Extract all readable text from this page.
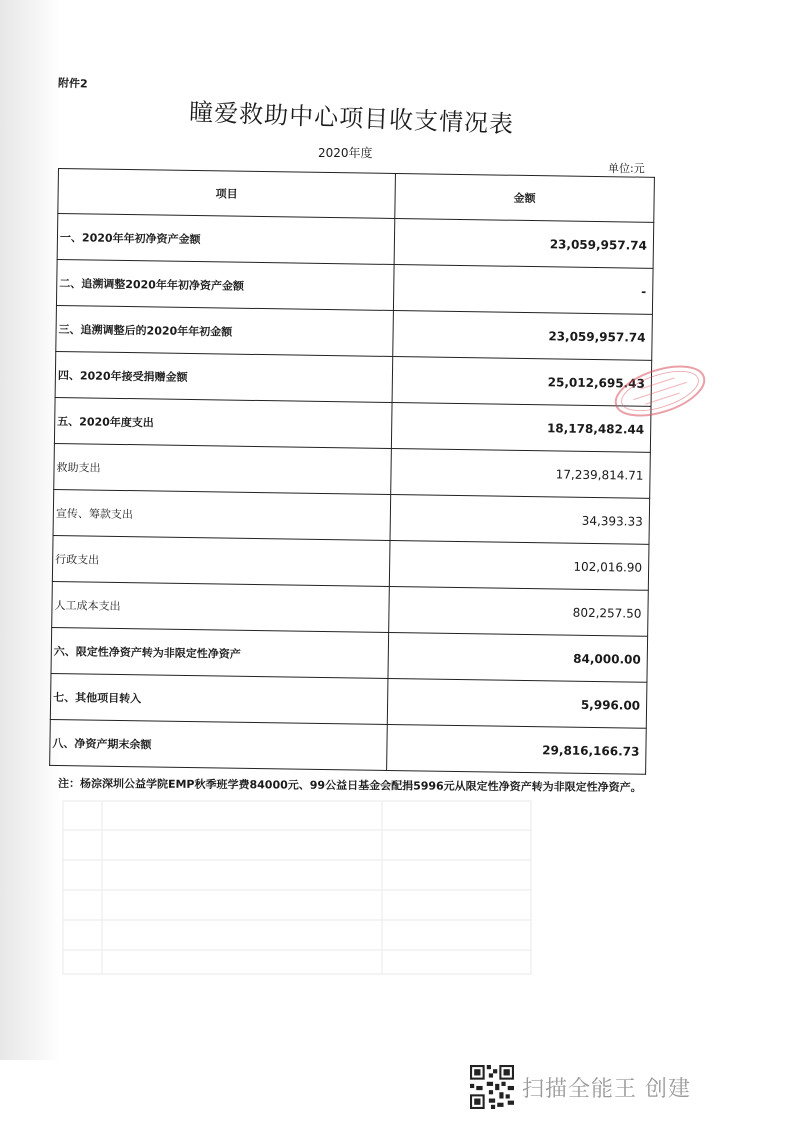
附件2
瞳爱救助中心项目收支情况表
2020年度
单位:元
项目	金额
一、2020年年初净资产金额	23,059,957.74
二、追溯调整2020年年初净资产金额	-
三、追溯调整后的2020年年初金额	23,059,957.74
四、2020年接受捐赠金额	25,012,695.43
五、2020年度支出	18,178,482.44
救助支出	17,239,814.71
宣传、筹款支出	34,393.33
行政支出	102,016.90
人工成本支出	802,257.50
六、限定性净资产转为非限定性净资产	84,000.00
七、其他项目转入	5,996.00
八、净资产期末余额	29,816,166.73
注：杨淙深圳公益学院EMP秋季班学费84000元、99公益日基金会配捐5996元从限定性净资产转为非限定性净资产。
扫描全能王 创建
